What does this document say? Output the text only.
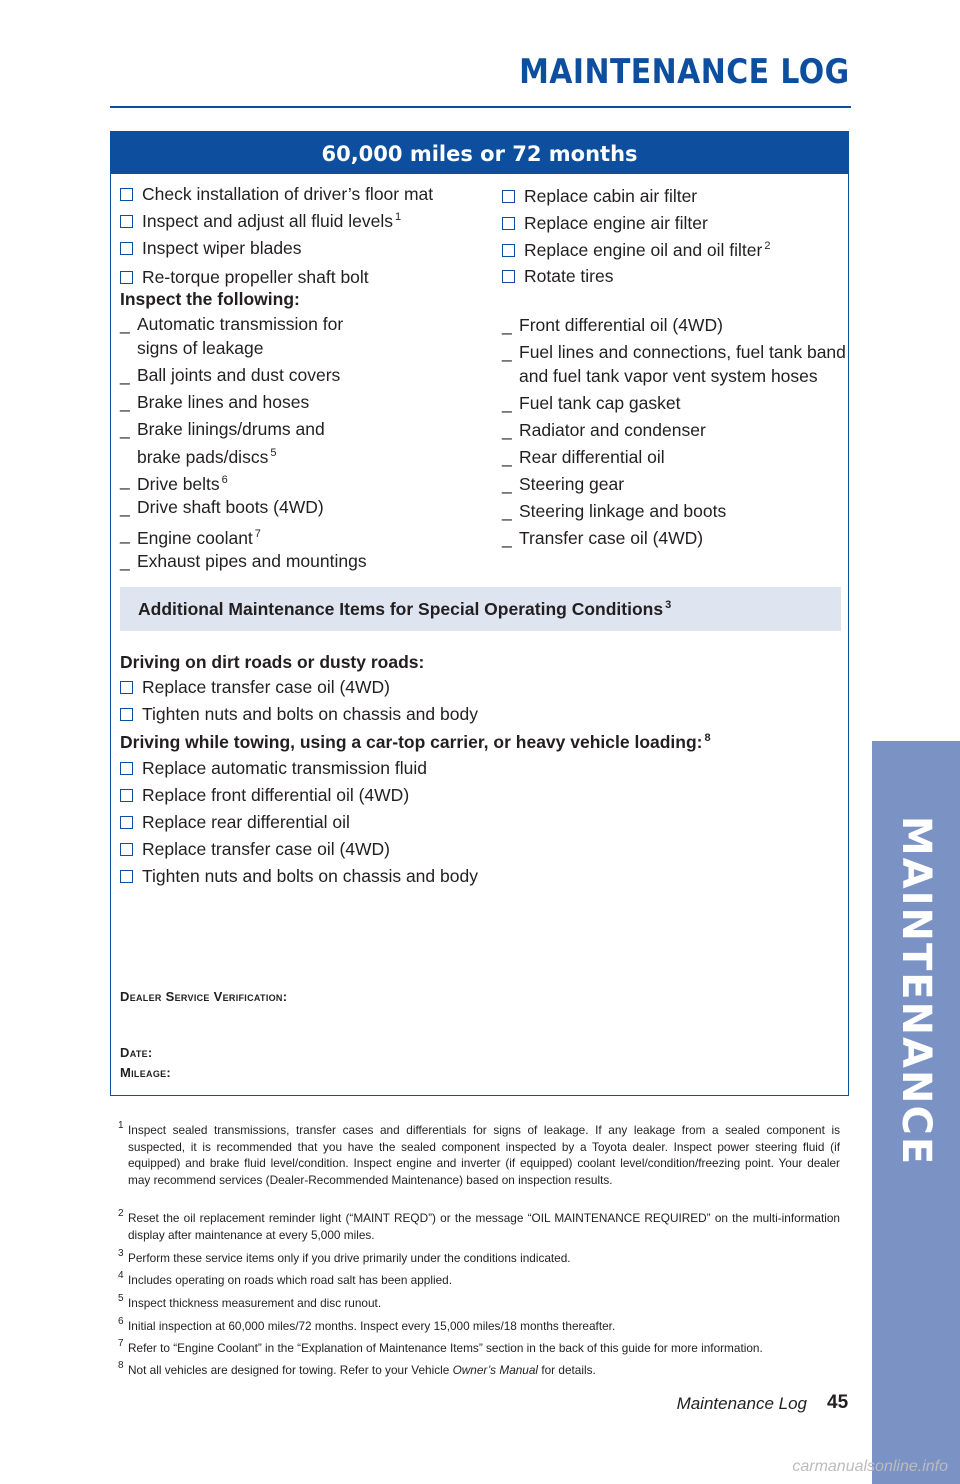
MAINTENANCE LOG
60,000 miles or 72 months
Check installation of driver’s floor mat
Inspect and adjust all fluid levels $^1$
Inspect wiper blades
Re-torque propeller shaft bolt
Replace cabin air filter
Replace engine air filter
Replace engine oil and oil filter $^2$
Rotate tires
Inspect the following:
_ Automatic transmission for
signs of leakage
_ Ball joints and dust covers
_ Brake lines and hoses
_ Brake linings/drums and
brake pads/discs $^5$
_ Drive belts $^6$
_ Drive shaft boots (4WD)
_ Engine coolant $^7$
_ Exhaust pipes and mountings
_ Front differential oil (4WD)
_ Fuel lines and connections, fuel tank band
and fuel tank vapor vent system hoses
_ Fuel tank cap gasket
_ Radiator and condenser
_ Rear differential oil
_ Steering gear
_ Steering linkage and boots
_ Transfer case oil (4WD)
Additional Maintenance Items for Special Operating Conditions $^3$
Driving on dirt roads or dusty roads:
Replace transfer case oil (4WD)
Tighten nuts and bolts on chassis and body
Driving while towing, using a car-top carrier, or heavy vehicle loading: $^8$
Replace automatic transmission fluid
Replace front differential oil (4WD)
Replace rear differential oil
Replace transfer case oil (4WD)
Tighten nuts and bolts on chassis and body
Dealer Service Verification:
Date:
Mileage:
1 Inspect sealed transmissions, transfer cases and differentials for signs of leakage. If any leakage from a sealed component is suspected, it is recommended that you have the sealed component inspected by a Toyota dealer. Inspect power steering fluid (if equipped) and brake fluid level/condition. Inspect engine and inverter (if equipped) coolant level/condition/freezing point. Your dealer may recommend services (Dealer-Recommended Maintenance) based on inspection results.
2 Reset the oil replacement reminder light (“MAINT REQD”) or the message “OIL MAINTENANCE REQUIRED” on the multi-information display after maintenance at every 5,000 miles.
3 Perform these service items only if you drive primarily under the conditions indicated.
4 Includes operating on roads which road salt has been applied.
5 Inspect thickness measurement and disc runout.
6 Initial inspection at 60,000 miles/72 months. Inspect every 15,000 miles/18 months thereafter.
7 Refer to “Engine Coolant” in the “Explanation of Maintenance Items” section in the back of this guide for more information.
8 Not all vehicles are designed for towing. Refer to your Vehicle Owner’s Manual for details.
Maintenance Log 45
MAINTENANCE
carmanualsonline.info
